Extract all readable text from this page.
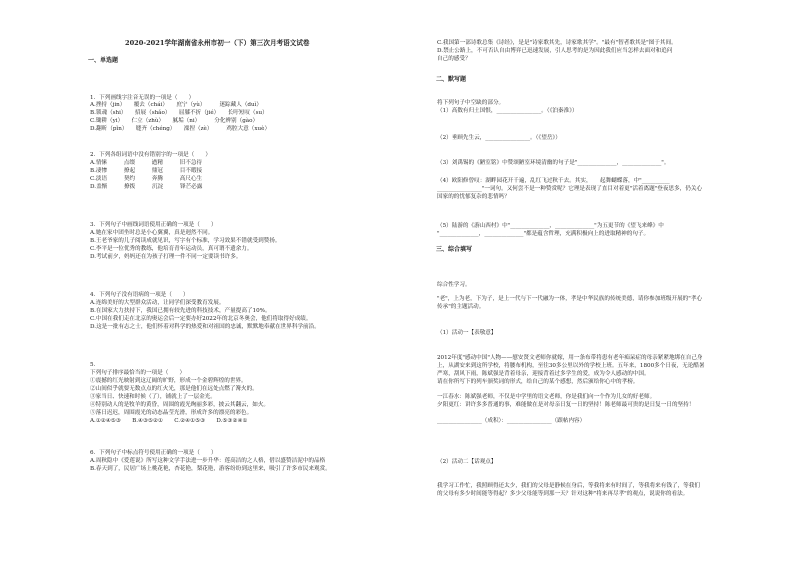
2020-2021学年湖南省永州市初一（下）第三次月考语文试卷
一、单选题
二、默写题
三、综合填写
1．下列画线字注音无误的一项是（　　）
A.挫持（jin）　　覆去（chái）　　庶宁（yù）　　　迷踪藏人（duì）
B.锁魂（shi）　　招展（shǎo）　　屈膝不折（jié）　　长吁短叹（su）
C.锄耕（yi）　　仁立（zhù）　　腻垢（ni）　　　分化辨别（gào）
D.翻昕（pǐn）　　缝齐（chéng）　　溧捏（zè）　　　鸡腔大意（xuè）
2．下列各组词语中没有错别字的一项是（　　）
A.情愫　　　点缀　　　遒精　　　旧不急待
B.凄惨　　　撩起　　　鼎冠　　　目不暇接
C.淡语　　　契约　　　奔腾　　　高尺心生
D.盖惭　　　撩拨　　　沉淀　　　锋芒必露
3．下列句子中画线词语使用正确的一项是（　　）
A.她在家中团坐时总是小心翼翼，真是迥然不同。
B.王老爷家的儿子阅读成就见识，写字有个标准，学习效果不错就受到赞扬。
C.李平是一位优秀的教练，他培育青年运动员，真可谓不遗余力。
D.考试前夕，妈妈还在为孩子打理一件不同一定要读书许多。
4．下列句子没有语病的一项是（　　）
A.连绵美好的大型群众活动，让同学们深受教育发展。
B.在国家大力扶持下，我国已拥有较先进的科技技术，产量提高了10%。
C.中国在我们走在北京的奥运会后一定要办好2022年的北京冬奥会，他们将取得好成绩。
D.这是一批有志之士，他们怀着对科学的热爱和对祖国的忠诚，默默地奉献在世界科学前沿。
5．
下列句子排序最恰当的一项是（　　）
①震撼的红光映射到这辽阔的旷野，形成一个金碧辉煌的世界。
②山间似乎就要无数点点的红火光，那是他们在远处点燃了篝火的。
③家当日、快速和时候（了），铺就上了一层金光。
④特别动人的是牧羊的黄昏，周围的霞光绚丽多彩，披云其翻云，如火。
⑤落日迟迟，周围霞光的动态晶莹光滑，形成许多的漂亮的彩色。
A.①②④⑤③　　B.④③⑤②①　　C.②④①⑤③　　D.⑤③②④①
6．下列句子中标点符号使用正确的一项是（　　）
A.周秋隐中《爱莲说》所写这种文学手法进一步升华：莲高洁的之人格，借以盛赞洁泥中的品格
B.春天到了，民居广场上桃花艳，杏花艳，梨花艳，游客纷纷到这里来，吸引了许多市民来观赏。
C.我国第一部诗歌总集《诗经》，是是"诗家歌其先，诗家歌其学"。"最有"智者歌其是"图于其间。
D.禁止公路上，不可否认自由博弈已迅速发展，引人思考的是为因此我们应当怎样去面对和追问
自己的感受？
将下列句子中空缺的部分。
（1）高数有归土国恨，________________。（《泊秦淮》）
（2）垂顾先生云，________________。（《望岳》）
（3）刘禹锡的《陋室铭》中赞颂陋室环境清幽的句子是"______________，______________"。
（4）欧阳修曾叹：湖畔园花开千遍，乱红飞过秋千去。其实，　　起舞蝴蝶落，中"__________
________________"一词句。又何尝不是一种赞赏呢？它理是表现了直目对着更"活着离题"登夜思多，仍关心
国家的的忧郁复杂的悲情吗？
（5）陆游的《游山西村》中"______________，______________"为五更节的《望飞来峰》中
"______________，______________"都是蕴含哲理，充满积极向上的进取精神的句子。
综合性学习。
"老"，上为老，下为子，是上一代与下一代融为一体，孝是中华民族的传统美德，请你参加班级开展的"孝心
传承"的主题活动。
（1）活动一【表敬意】
2012年度"感动中国"人物——慰安贤文老师你就嫁，用一条布带将患有老年痴呆症的母亲紧紧地绑在自己身
上，从湖安来到这所学校，将腰布机构，至往30多公里以外的学校上班。五年来，1800多个日夜，无论酷暑
严寒，刮风下雨，陈斌强是背着母亲，迎接背着过多学生的爱，成为令人感动的中国。
请在你所写下的列车颁奖词的形式，给自己的某个感想，然后颁给你心中的孝榜。
一江春水：陈斌强老师，不仅是中学里的语文老师，你是我们向一个作为儿女的好老师。
夕阳更红：讲许多多普通的事，难能做在是对母亲日复一日的坚持！陈老师最可贵的是日复一日的坚持！
________________（成积）：________________（跟帖内容）
（2）活动二【话观点】
我学习工作忙，我照顾得还太少，我们的父母是静候在身后，等我将来有时间了，等我将来有钱了，等我们
的父母有多少时间能等得起？多少父母能等到那一天？针对这种"将来再尽孝"的观点，说说你的看法。
